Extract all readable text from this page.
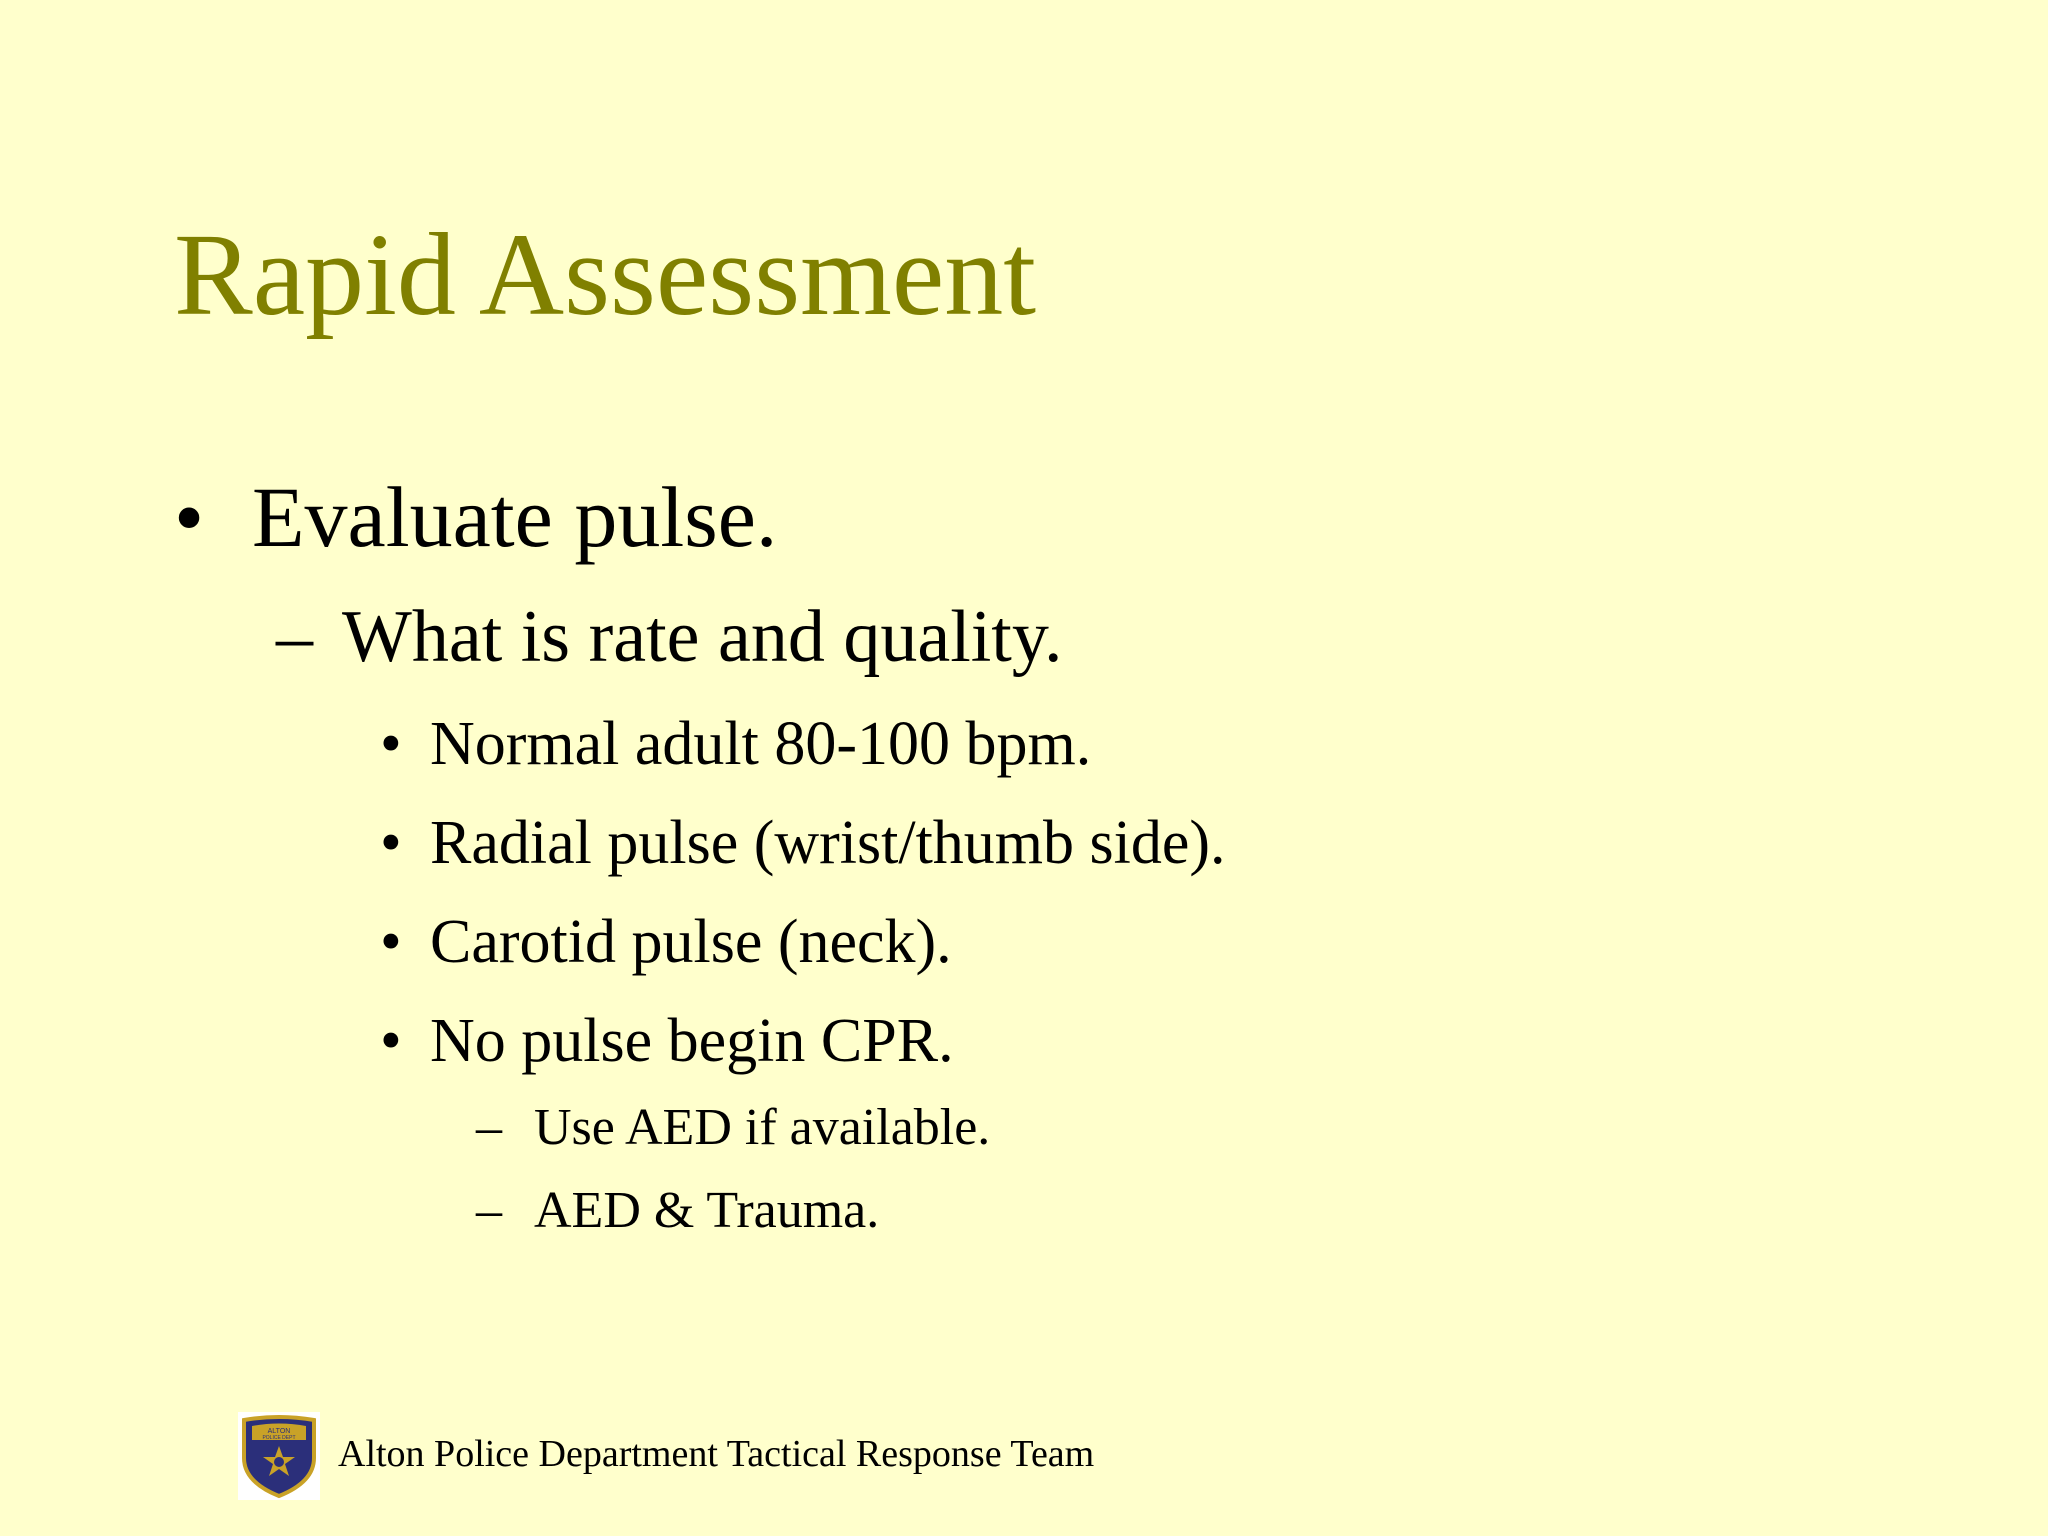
Rapid Assessment
• Evaluate pulse.
– What is rate and quality.
• Normal adult 80-100 bpm.
• Radial pulse (wrist/thumb side).
• Carotid pulse (neck).
• No pulse begin CPR.
– Use AED if available.
– AED & Trauma.
ALTON
POLICE DEPT Alton Police Department Tactical Response Team
